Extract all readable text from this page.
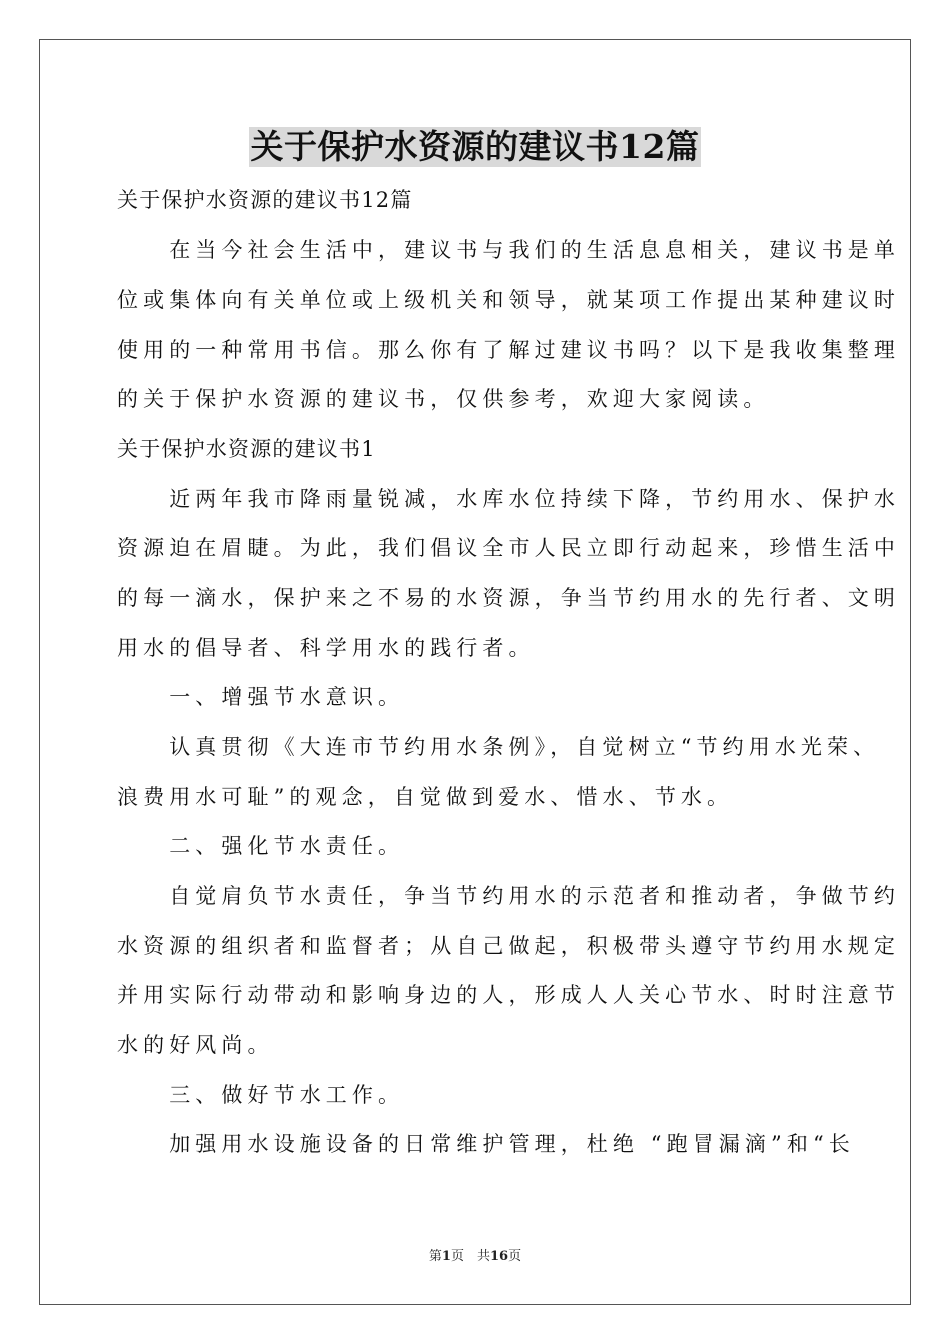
关于保护水资源的建议书12篇
关于保护水资源的建议书12篇
　　在当今社会生活中，建议书与我们的生活息息相关，建议书是单
位或集体向有关单位或上级机关和领导，就某项工作提出某种建议时
使用的一种常用书信。那么你有了解过建议书吗？以下是我收集整理
的关于保护水资源的建议书，仅供参考，欢迎大家阅读。
关于保护水资源的建议书1
　　近两年我市降雨量锐减，水库水位持续下降，节约用水、保护水
资源迫在眉睫。为此，我们倡议全市人民立即行动起来，珍惜生活中
的每一滴水，保护来之不易的水资源，争当节约用水的先行者、文明
用水的倡导者、科学用水的践行者。
　　一、增强节水意识。
　　认真贯彻《大连市节约用水条例》，自觉树立“节约用水光荣、
浪费用水可耻”的观念，自觉做到爱水、惜水、节水。
　　二、强化节水责任。
　　自觉肩负节水责任，争当节约用水的示范者和推动者，争做节约
水资源的组织者和监督者；从自己做起，积极带头遵守节约用水规定
并用实际行动带动和影响身边的人，形成人人关心节水、时时注意节
水的好风尚。
　　三、做好节水工作。
　　加强用水设施设备的日常维护管理，杜绝 “跑冒漏滴”和“长
第1页　共16页
